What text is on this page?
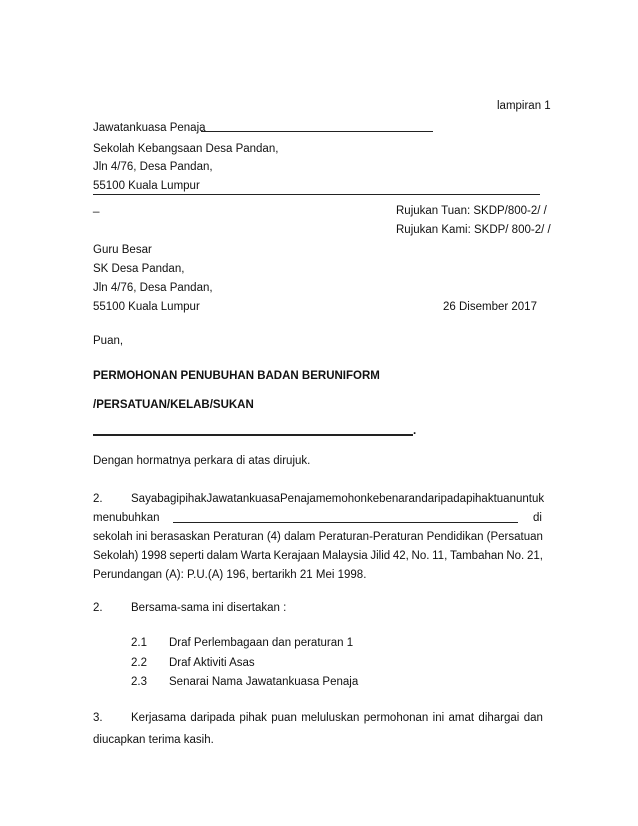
lampiran 1
Jawatankuasa Penaja
Sekolah Kebangsaan Desa Pandan,
Jln 4/76, Desa Pandan,
55100 Kuala Lumpur
_	Rujukan Tuan: SKDP/800-2/ /
Rujukan Kami: SKDP/ 800-2/ /
Guru Besar
SK Desa Pandan,
Jln 4/76, Desa Pandan,
55100 Kuala Lumpur	26 Disember 2017
Puan,
PERMOHONAN PENUBUHAN BADAN BERUNIFORM
/PERSATUAN/KELAB/SUKAN
.
Dengan hormatnya perkara di atas dirujuk.
2. Saya bagi pihak Jawatankuasa Penaja memohon kebenaran daripada pihak tuan untuk
menubuhkan	di
sekolah ini berasaskan Peraturan (4) dalam Peraturan-Peraturan Pendidikan (Persatuan
Sekolah) 1998 seperti dalam Warta Kerajaan Malaysia Jilid 42, No. 11, Tambahan No. 21,
Perundangan (A): P.U.(A) 196, bertarikh 21 Mei 1998.
2. Bersama-sama ini disertakan :
2.1 Draf Perlembagaan dan peraturan 1
2.2 Draf Aktiviti Asas
2.3 Senarai Nama Jawatankuasa Penaja
3. Kerjasama daripada pihak puan meluluskan permohonan ini amat dihargai dan
diucapkan terima kasih.
